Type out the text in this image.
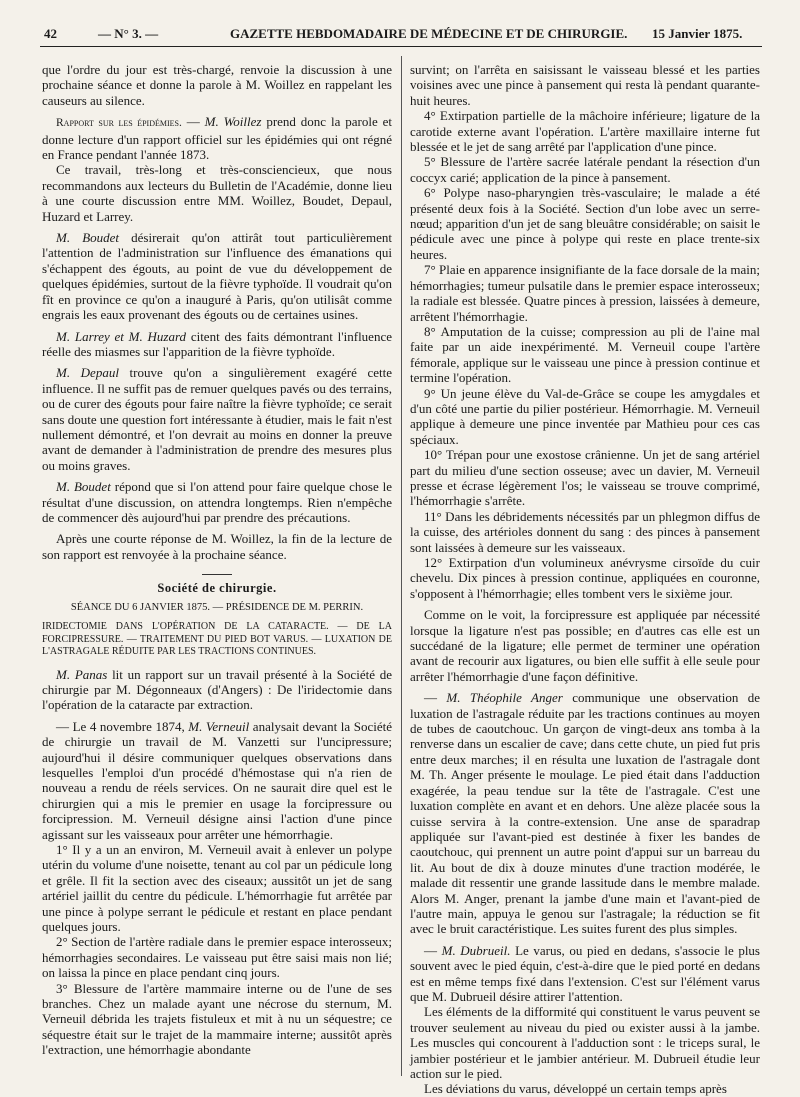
42	— N° 3. —	GAZETTE HEBDOMADAIRE DE MÉDECINE ET DE CHIRURGIE. 15 Janvier 1875.

que l'ordre du jour est très-chargé, renvoie la discussion à une prochaine séance et donne la parole à M. Woillez en rappelant les causeurs au silence.

Rapport sur les épidémies. — M. Woillez prend donc la parole et donne lecture d'un rapport officiel sur les épidémies qui ont régné en France pendant l'année 1873.

Ce travail, très-long et très-consciencieux, que nous recommandons aux lecteurs du Bulletin de l'Académie, donne lieu à une courte discussion entre MM. Woillez, Boudet, Depaul, Huzard et Larrey.

M. Boudet désirerait qu'on attirât tout particulièrement l'attention de l'administration sur l'influence des émanations qui s'échappent des égouts, au point de vue du développement de quelques épidémies, surtout de la fièvre typhoïde. Il voudrait qu'on fît en province ce qu'on a inauguré à Paris, qu'on utilisât comme engrais les eaux provenant des égouts ou de certaines usines.

M. Larrey et M. Huzard citent des faits démontrant l'influence réelle des miasmes sur l'apparition de la fièvre typhoïde.

M. Depaul trouve qu'on a singulièrement exagéré cette influence. Il ne suffit pas de remuer quelques pavés ou des terrains, ou de curer des égouts pour faire naître la fièvre typhoïde; ce serait sans doute une question fort intéressante à étudier, mais le fait n'est nullement démontré, et l'on devrait au moins en donner la preuve avant de demander à l'administration de prendre des mesures plus ou moins graves.

M. Boudet répond que si l'on attend pour faire quelque chose le résultat d'une discussion, on attendra longtemps. Rien n'empêche de commencer dès aujourd'hui par prendre des précautions.

Après une courte réponse de M. Woillez, la fin de la lecture de son rapport est renvoyée à la prochaine séance.

Société de chirurgie.
SÉANCE DU 6 JANVIER 1875. — PRÉSIDENCE DE M. PERRIN.
IRIDECTOMIE DANS L'OPÉRATION DE LA CATARACTE. — DE LA FORCIPRESSURE. — TRAITEMENT DU PIED BOT VARUS. — LUXATION DE L'ASTRAGALE RÉDUITE PAR LES TRACTIONS CONTINUES.

M. Panas lit un rapport sur un travail présenté à la Société de chirurgie par M. Dégonneaux (d'Angers) : De l'iridectomie dans l'opération de la cataracte par extraction.

— Le 4 novembre 1874, M. Verneuil analysait devant la Société de chirurgie un travail de M. Vanzetti sur l'uncipressure; aujourd'hui il désire communiquer quelques observations dans lesquelles l'emploi d'un procédé d'hémostase qui n'a rien de nouveau a rendu de réels services. On ne saurait dire quel est le chirurgien qui a mis le premier en usage la forcipressure ou forcipression. M. Verneuil désigne ainsi l'action d'une pince agissant sur les vaisseaux pour arrêter une hémorrhagie.

1° Il y a un an environ, M. Verneuil avait à enlever un polype utérin du volume d'une noisette, tenant au col par un pédicule long et grêle. Il fit la section avec des ciseaux; aussitôt un jet de sang artériel jaillit du centre du pédicule. L'hémorrhagie fut arrêtée par une pince à polype serrant le pédicule et restant en place pendant quelques jours.

2° Section de l'artère radiale dans le premier espace interosseux; hémorrhagies secondaires. Le vaisseau put être saisi mais non lié; on laissa la pince en place pendant cinq jours.

3° Blessure de l'artère mammaire interne ou de l'une de ses branches. Chez un malade ayant une nécrose du sternum, M. Verneuil débrida les trajets fistuleux et mit à nu un séquestre; ce séquestre était sur le trajet de la mammaire interne; aussitôt après l'extraction, une hémorrhagie abondante

survint; on l'arrêta en saisissant le vaisseau blessé et les parties voisines avec une pince à pansement qui resta là pendant quarante-huit heures.

4° Extirpation partielle de la mâchoire inférieure; ligature de la carotide externe avant l'opération. L'artère maxillaire interne fut blessée et le jet de sang arrêté par l'application d'une pince.

5° Blessure de l'artère sacrée latérale pendant la résection d'un coccyx carié; application de la pince à pansement.

6° Polype naso-pharyngien très-vasculaire; le malade a été présenté deux fois à la Société. Section d'un lobe avec un serre-nœud; apparition d'un jet de sang bleuâtre considérable; on saisit le pédicule avec une pince à polype qui reste en place trente-six heures.

7° Plaie en apparence insignifiante de la face dorsale de la main; hémorrhagies; tumeur pulsatile dans le premier espace interosseux; la radiale est blessée. Quatre pinces à pression, laissées à demeure, arrêtent l'hémorrhagie.

8° Amputation de la cuisse; compression au pli de l'aine mal faite par un aide inexpérimenté. M. Verneuil coupe l'artère fémorale, applique sur le vaisseau une pince à pression continue et termine l'opération.

9° Un jeune élève du Val-de-Grâce se coupe les amygdales et d'un côté une partie du pilier postérieur. Hémorrhagie. M. Verneuil applique à demeure une pince inventée par Mathieu pour ces cas spéciaux.

10° Trépan pour une exostose crânienne. Un jet de sang artériel part du milieu d'une section osseuse; avec un davier, M. Verneuil presse et écrase légèrement l'os; le vaisseau se trouve comprimé, l'hémorrhagie s'arrête.

11° Dans les débridements nécessités par un phlegmon diffus de la cuisse, des artérioles donnent du sang : des pinces à pansement sont laissées à demeure sur les vaisseaux.

12° Extirpation d'un volumineux anévrysme cirsoïde du cuir chevelu. Dix pinces à pression continue, appliquées en couronne, s'opposent à l'hémorrhagie; elles tombent vers le sixième jour.

Comme on le voit, la forcipressure est appliquée par nécessité lorsque la ligature n'est pas possible; en d'autres cas elle est un succédané de la ligature; elle permet de terminer une opération avant de recourir aux ligatures, ou bien elle suffit à elle seule pour arrêter l'hémorrhagie d'une façon définitive.

— M. Théophile Anger communique une observation de luxation de l'astragale réduite par les tractions continues au moyen de tubes de caoutchouc. Un garçon de vingt-deux ans tomba à la renverse dans un escalier de cave; dans cette chute, un pied fut pris entre deux marches; il en résulta une luxation de l'astragale dont M. Th. Anger présente le moulage. Le pied était dans l'adduction exagérée, la peau tendue sur la tête de l'astragale. C'est une luxation complète en avant et en dehors. Une alèze placée sous la cuisse servira à la contre-extension. Une anse de sparadrap appliquée sur l'avant-pied est destinée à fixer les bandes de caoutchouc, qui prennent un autre point d'appui sur un barreau du lit. Au bout de dix à douze minutes d'une traction modérée, le malade dit ressentir une grande lassitude dans le membre malade. Alors M. Anger, prenant la jambe d'une main et l'avant-pied de l'autre main, appuya le genou sur l'astragale; la réduction se fit avec le bruit caractéristique. Les suites furent des plus simples.

— M. Dubrueil. Le varus, ou pied en dedans, s'associe le plus souvent avec le pied équin, c'est-à-dire que le pied porté en dedans est en même temps fixé dans l'extension. C'est sur l'élément varus que M. Dubrueil désire attirer l'attention.

Les éléments de la difformité qui constituent le varus peuvent se trouver seulement au niveau du pied ou exister aussi à la jambe. Les muscles qui concourent à l'adduction sont : le triceps sural, le jambier postérieur et le jambier antérieur. M. Dubrueil étudie leur action sur le pied.

Les déviations du varus, développé un certain temps après
